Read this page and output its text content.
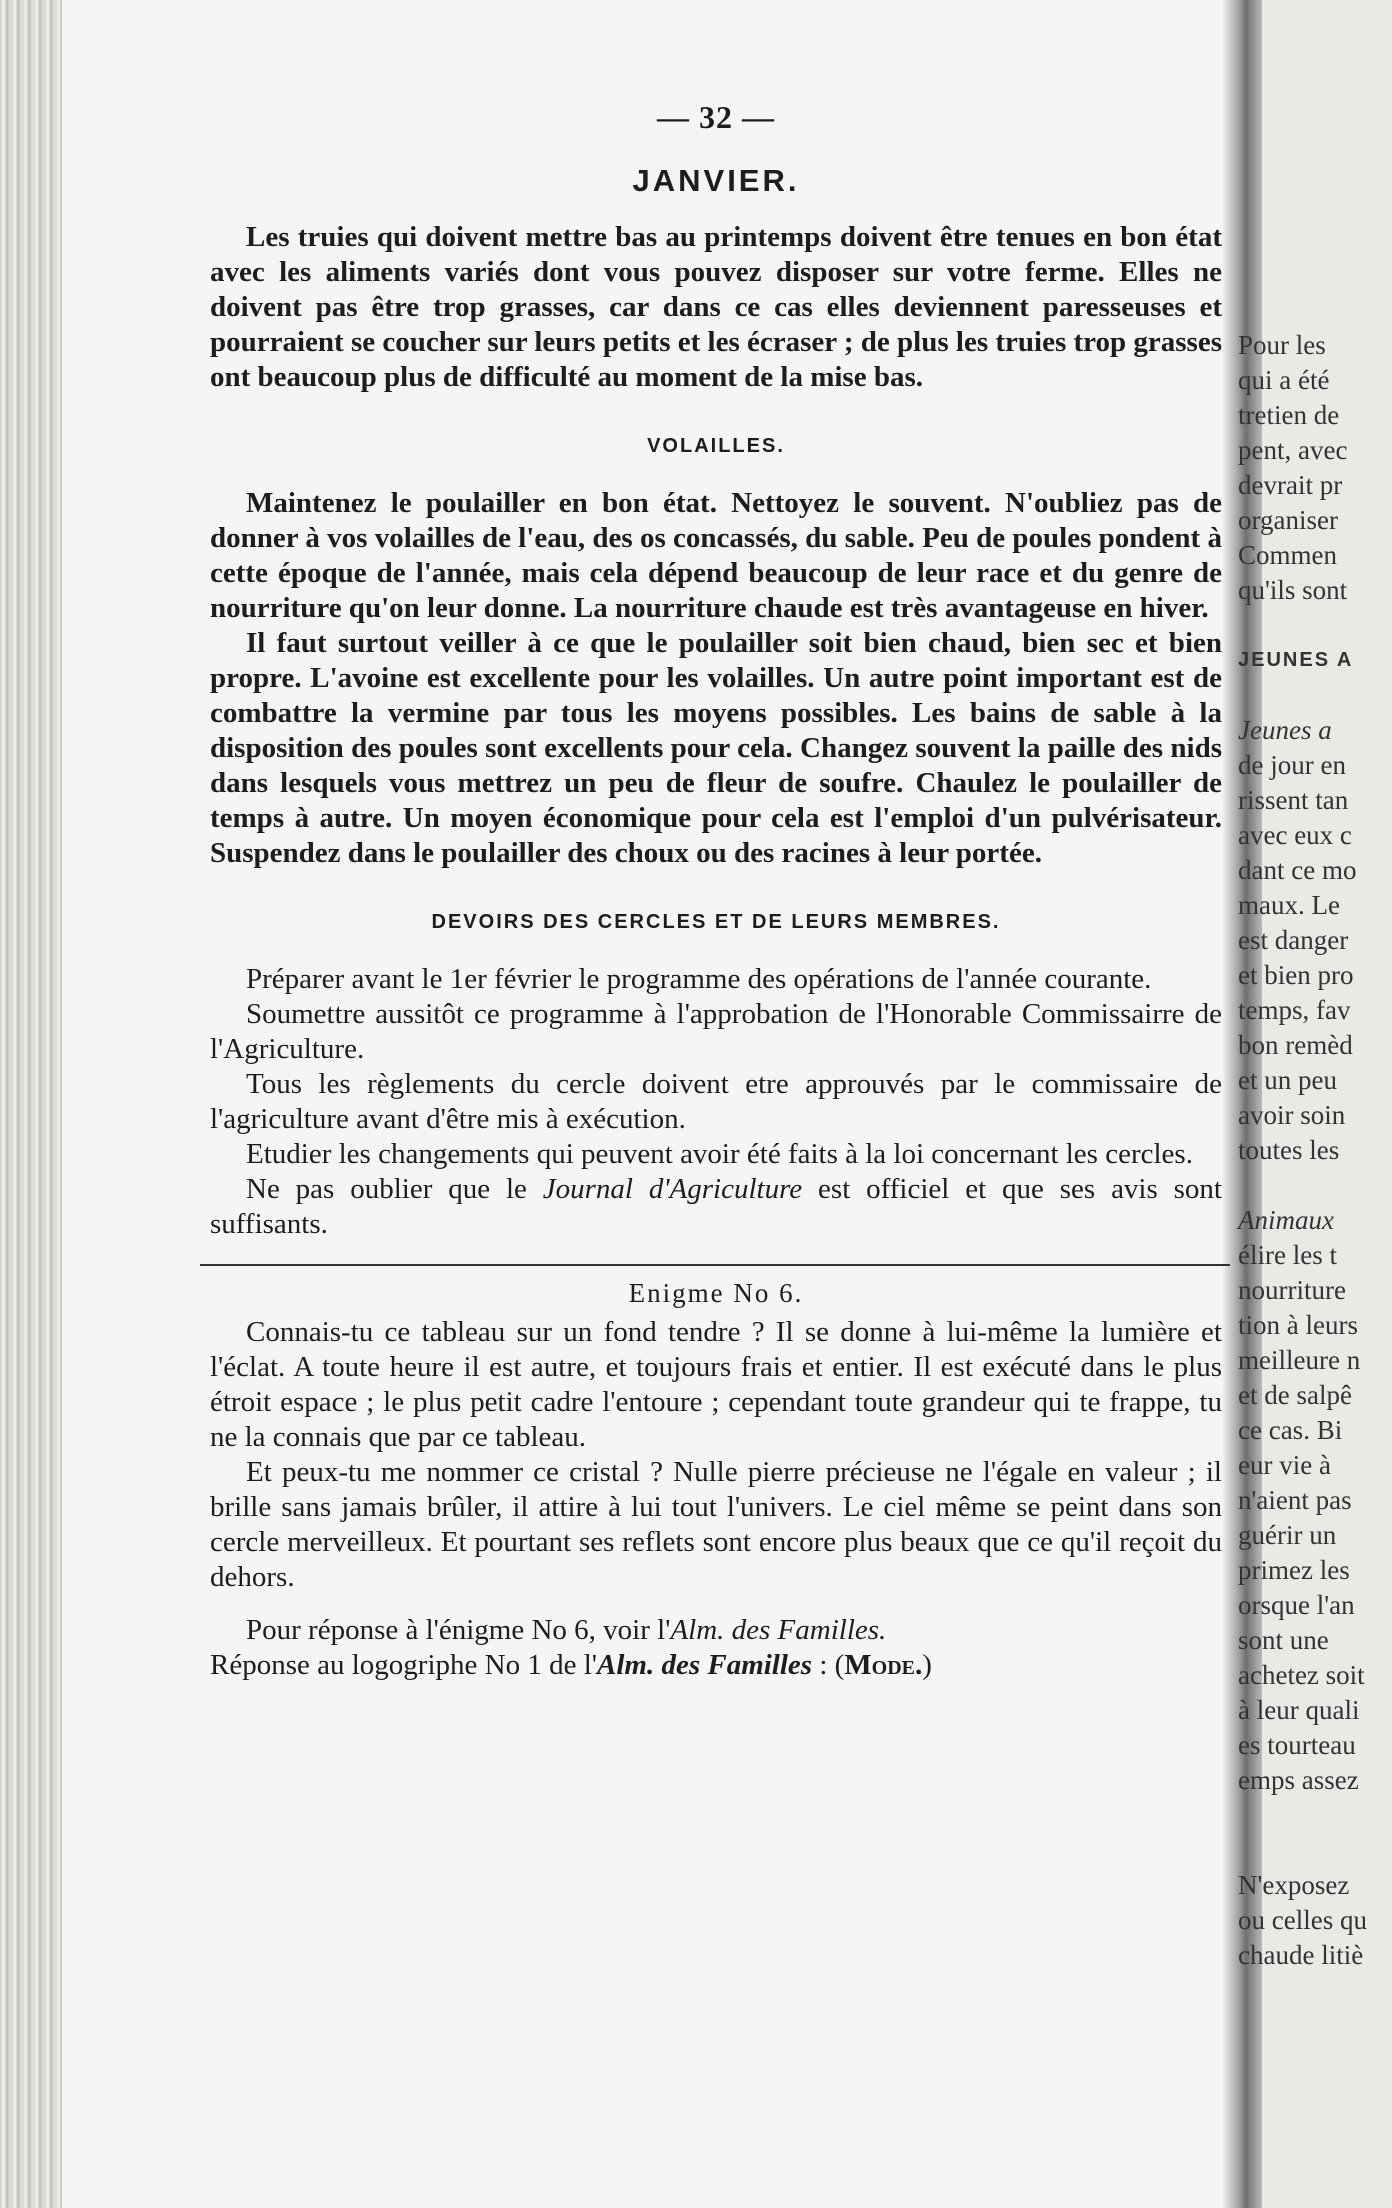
— 32 —
JANVIER.

Les truies qui doivent mettre bas au printemps doivent être tenues en bon état avec les aliments variés dont vous pouvez disposer sur votre ferme. Elles ne doivent pas être trop grasses, car dans ce cas elles deviennent paresseuses et pourraient se coucher sur leurs petits et les écraser ; de plus les truies trop grasses ont beaucoup plus de difficulté au moment de la mise bas.

VOLAILLES.

Maintenez le poulailler en bon état. Nettoyez le souvent. N'oubliez pas de donner à vos volailles de l'eau, des os concassés, du sable. Peu de poules pondent à cette époque de l'année, mais cela dépend beaucoup de leur race et du genre de nourriture qu'on leur donne. La nourriture chaude est très avantageuse en hiver.

Il faut surtout veiller à ce que le poulailler soit bien chaud, bien sec et bien propre. L'avoine est excellente pour les volailles. Un autre point important est de combattre la vermine par tous les moyens possibles. Les bains de sable à la disposition des poules sont excellents pour cela. Changez souvent la paille des nids dans lesquels vous mettrez un peu de fleur de soufre. Chaulez le poulailler de temps à autre. Un moyen économique pour cela est l'emploi d'un pulvérisateur. Suspendez dans le poulailler des choux ou des racines à leur portée.

DEVOIRS DES CERCLES ET DE LEURS MEMBRES.

Préparer avant le 1er février le programme des opérations de l'année courante.

Soumettre aussitôt ce programme à l'approbation de l'Honorable Commissairre de l'Agriculture.

Tous les règlements du cercle doivent etre approuvés par le commissaire de l'agriculture avant d'être mis à exécution.

Etudier les changements qui peuvent avoir été faits à la loi concernant les cercles.

Ne pas oublier que le Journal d'Agriculture est officiel et que ses avis sont suffisants.

Enigme No 6.

Connais-tu ce tableau sur un fond tendre ? Il se donne à lui-même la lumière et l'éclat. A toute heure il est autre, et toujours frais et entier. Il est exécuté dans le plus étroit espace ; le plus petit cadre l'entoure ; cependant toute grandeur qui te frappe, tu ne la connais que par ce tableau.

Et peux-tu me nommer ce cristal ? Nulle pierre précieuse ne l'égale en valeur ; il brille sans jamais brûler, il attire à lui tout l'univers. Le ciel même se peint dans son cercle merveilleux. Et pourtant ses reflets sont encore plus beaux que ce qu'il reçoit du dehors.

Pour réponse à l'énigme No 6, voir l'Alm. des Familles.

Réponse au logogriphe No 1 de l'Alm. des Familles : (Mode.)

Pour les
qui a été
tretien de
pent, avec
devrait pr
organiser
Commen
qu'ils sont

JEUNES A

Jeunes a
de jour en
rissent tan
avec eux c
dant ce mo
maux. Le
est danger
et bien pro
temps, fav
bon remèd
et un peu
avoir soin
toutes les

Animaux
élire les t
nourriture
tion à leurs
meilleure n
et de salpê
ce cas. Bi
eur vie à
n'aient pas
guérir un
primez les
orsque l'an
sont une
achetez soit
à leur quali
es tourteau
emps assez

N'exposez
ou celles qu
chaude litiè
